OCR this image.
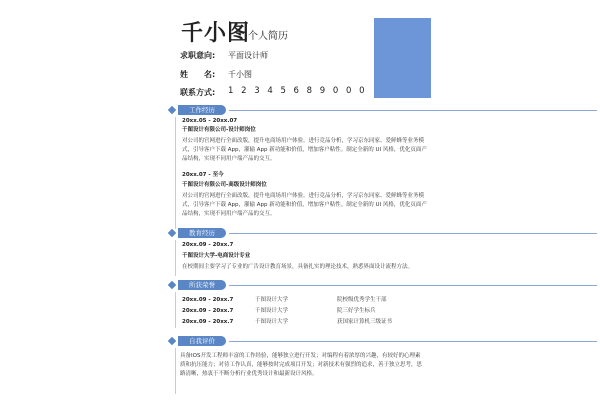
千小图
个人简历
求职意向: 平面设计师
姓　　名: 千小图
联系方式: 1 2 3 4 5 6 8 9 0 0 0
工作经历
20xx.05 - 20xx.07
千图设计有限公司-设计师岗位
对公司的官网进行全面改版，提升电商场用户体验。进行竞品分析，学习京东同家、爱鲜蜂等业务模
式，引导客户下载 App，灌输 App 新功能和价值，增加客户粘性。制定全新的 UI 风格，优化页面产
品结构，实现不同用户端产品的交互。
20xx.07 - 至今
千图设计有限公司-高级设计师岗位
对公司的官网进行全面改版，提升电商场用户体验。进行竞品分析，学习京东同家、爱鲜蜂等业务模
式，引导客户下载 App，灌输 App 新功能和价值，增加客户粘性。制定全新的 UI 风格，优化页面产
品结构，实现不同用户端产品的交互。
教育经历
20xx.09 - 20xx.7
千图设计大学-电商设计专业
在校期间主要学习了专业的广告设计教育场景，具备扎实的理论技术，熟悉界面设计流程方法。
所获荣誉
20xx.09 - 20xx.7	千图设计大学	院校级优秀学生干部
20xx.09 - 20xx.7	千图设计大学	院三好学生标兵
20xx.09 - 20xx.7	千图设计大学	获国家计算机三级证书
自我评价
具备IOS开发工程师丰富的工作经验，能够独立进行开发；对编程有着浓厚的兴趣，有较好的心理素质和抗压能力；对待工作认真，能够按时完成项目开发；对新技术有强烈的追求，善于独立思考，思路清晰，热衷于不断分析行业优秀设计和最新设计风格。
